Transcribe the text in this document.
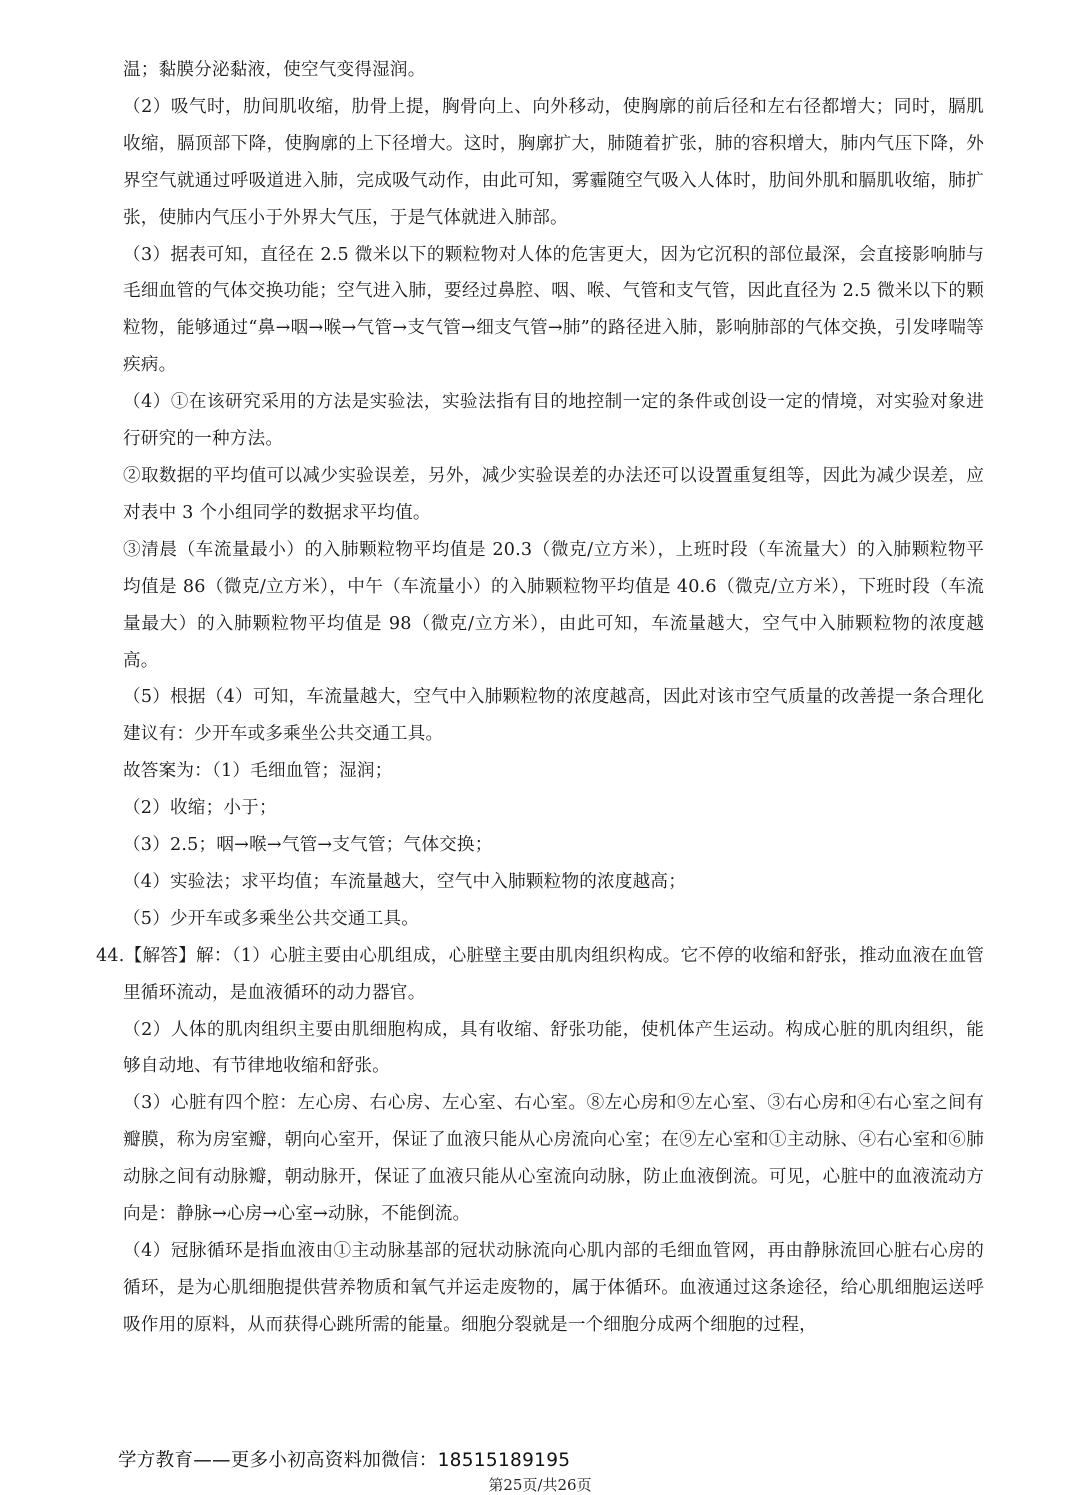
温；黏膜分泌黏液，使空气变得湿润。

（2）吸气时，肋间肌收缩，肋骨上提，胸骨向上、向外移动，使胸廓的前后径和左右径都增大；同时，膈肌收缩，膈顶部下降，使胸廓的上下径增大。这时，胸廓扩大，肺随着扩张，肺的容积增大，肺内气压下降，外界空气就通过呼吸道进入肺，完成吸气动作，由此可知，雾霾随空气吸入人体时，肋间外肌和膈肌收缩，肺扩张，使肺内气压小于外界大气压，于是气体就进入肺部。

（3）据表可知，直径在 2.5 微米以下的颗粒物对人体的危害更大，因为它沉积的部位最深，会直接影响肺与毛细血管的气体交换功能；空气进入肺，要经过鼻腔、咽、喉、气管和支气管，因此直径为 2.5 微米以下的颗粒物，能够通过“鼻→咽→喉→气管→支气管→细支气管→肺”的路径进入肺，影响肺部的气体交换，引发哮喘等疾病。

（4）①在该研究采用的方法是实验法，实验法指有目的地控制一定的条件或创设一定的情境，对实验对象进行研究的一种方法。

②取数据的平均值可以减少实验误差，另外，减少实验误差的办法还可以设置重复组等，因此为减少误差，应对表中 3 个小组同学的数据求平均值。

③清晨（车流量最小）的入肺颗粒物平均值是 20.3（微克/立方米），上班时段（车流量大）的入肺颗粒物平均值是 86（微克/立方米），中午（车流量小）的入肺颗粒物平均值是 40.6（微克/立方米），下班时段（车流量最大）的入肺颗粒物平均值是 98（微克/立方米），由此可知，车流量越大，空气中入肺颗粒物的浓度越高。

（5）根据（4）可知，车流量越大，空气中入肺颗粒物的浓度越高，因此对该市空气质量的改善提一条合理化建议有：少开车或多乘坐公共交通工具。

故答案为：（1）毛细血管；湿润；

（2）收缩；小于；

（3）2.5；咽→喉→气管→支气管；气体交换；

（4）实验法；求平均值；车流量越大，空气中入肺颗粒物的浓度越高；

（5）少开车或多乘坐公共交通工具。

44.【解答】解：（1）心脏主要由心肌组成，心脏壁主要由肌肉组织构成。它不停的收缩和舒张，推动血液在血管里循环流动，是血液循环的动力器官。

（2）人体的肌肉组织主要由肌细胞构成，具有收缩、舒张功能，使机体产生运动。构成心脏的肌肉组织，能够自动地、有节律地收缩和舒张。

（3）心脏有四个腔：左心房、右心房、左心室、右心室。⑧左心房和⑨左心室、③右心房和④右心室之间有瓣膜，称为房室瓣，朝向心室开，保证了血液只能从心房流向心室；在⑨左心室和①主动脉、④右心室和⑥肺动脉之间有动脉瓣，朝动脉开，保证了血液只能从心室流向动脉，防止血液倒流。可见，心脏中的血液流动方向是：静脉→心房→心室→动脉，不能倒流。

（4）冠脉循环是指血液由①主动脉基部的冠状动脉流向心肌内部的毛细血管网，再由静脉流回心脏右心房的循环，是为心肌细胞提供营养物质和氧气并运走废物的，属于体循环。血液通过这条途径，给心肌细胞运送呼吸作用的原料，从而获得心跳所需的能量。细胞分裂就是一个细胞分成两个细胞的过程，

学方教育——更多小初高资料加微信：18515189195
第25页/共26页
